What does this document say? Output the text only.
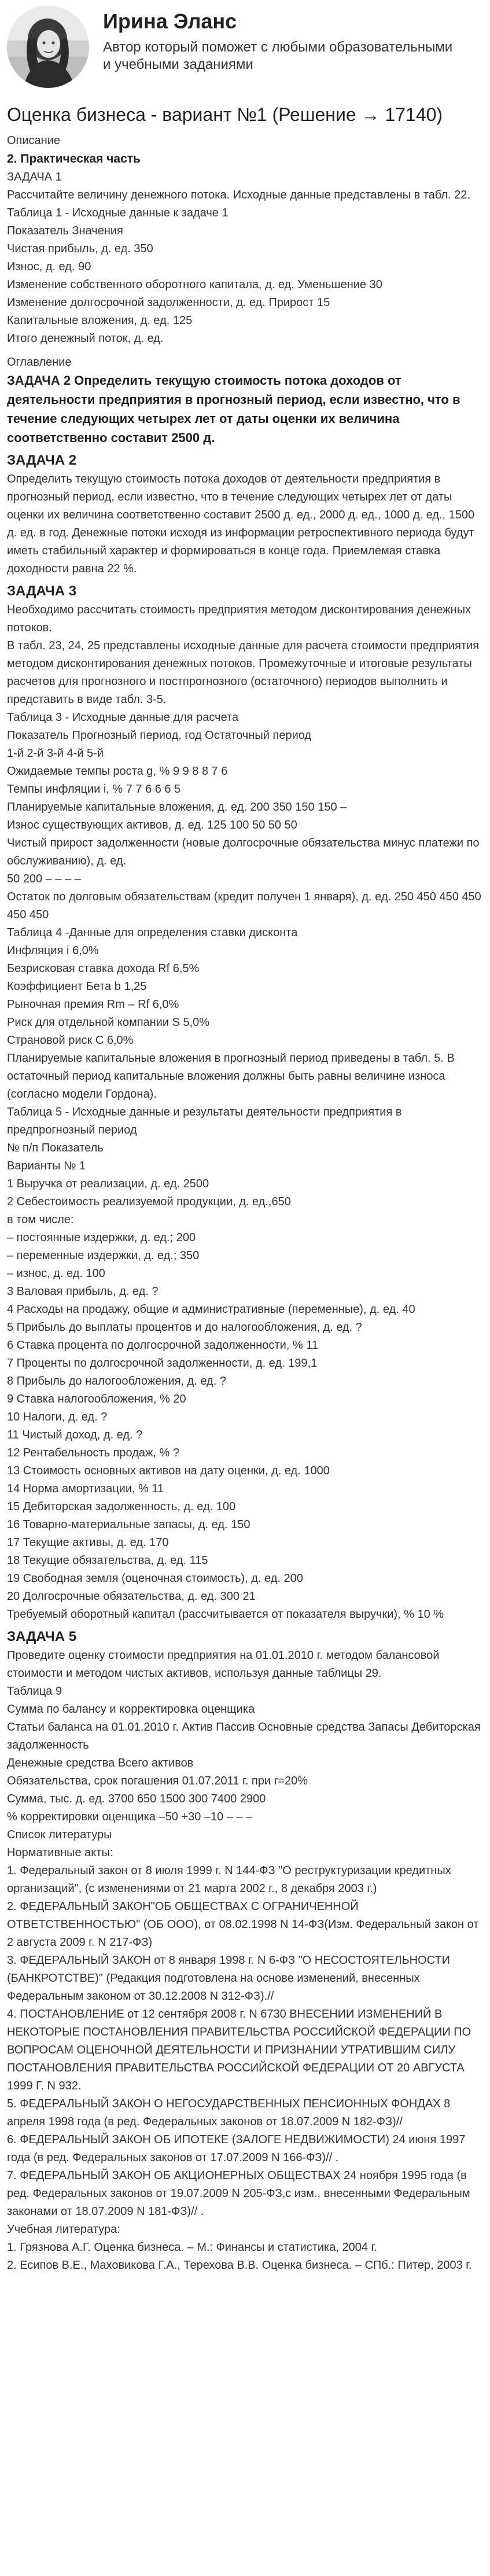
Ирина Эланс
Автор который поможет с любыми образовательными и учебными заданиями
Оценка бизнеса - вариант №1 (Решение → 17140)

Описание

2. Практическая часть

ЗАДАЧА 1

Рассчитайте величину денежного потока. Исходные данные представлены в табл. 22.

Таблица 1 - Исходные данные к задаче 1

Показатель Значения

Чистая прибыль, д. ед. 350

Износ, д. ед. 90

Изменение собственного оборотного капитала, д. ед. Уменьшение 30

Изменение долгосрочной задолженности, д. ед. Прирост 15

Капитальные вложения, д. ед. 125

Итого денежный поток, д. ед.

Оглавление

ЗАДАЧА 2 Определить текущую стоимость потока доходов от деятельности предприятия в прогнозный период, если известно, что в течение следующих четырех лет от даты оценки их величина соответственно составит 2500 д.

ЗАДАЧА 2

Определить текущую стоимость потока доходов от деятельности предприятия в прогнозный период, если известно, что в течение следующих четырех лет от даты оценки их величина соответственно составит 2500 д. ед., 2000 д. ед., 1000 д. ед., 1500 д. ед. в год. Денежные потоки исходя из информации ретроспективного периода будут иметь стабильный характер и формироваться в конце года. Приемлемая ставка доходности равна 22 %.

ЗАДАЧА 3

Необходимо рассчитать стоимость предприятия методом дисконтирования денежных потоков.

В табл. 23, 24, 25 представлены исходные данные для расчета стоимости предприятия методом дисконтирования денежных потоков. Промежуточные и итоговые результаты расчетов для прогнозного и постпрогнозного (остаточного) периодов выполнить и представить в виде табл. 3-5.

Таблица 3 - Исходные данные для расчета

Показатель Прогнозный период, год Остаточный период

1-й 2-й 3-й 4-й 5-й

Ожидаемые темпы роста g, % 9 9 8 8 7 6

Темпы инфляции i, % 7 7 6 6 6 5

Планируемые капитальные вложения, д. ед. 200 350 150 150 –

Износ существующих активов, д. ед. 125 100 50 50 50

Чистый прирост задолженности (новые долгосрочные обязательства минус платежи по обслуживанию), д. ед.

50 200 – – – –

Остаток по долговым обязательствам (кредит получен 1 января), д. ед. 250 450 450 450 450 450

Таблица 4 -Данные для определения ставки дисконта

Инфляция i 6,0%

Безрисковая ставка дохода Rf 6,5%

Коэффициент Бета b 1,25

Рыночная премия Rm – Rf 6,0%

Риск для отдельной компании S 5,0%

Страновой риск C 6,0%

Планируемые капитальные вложения в прогнозный период приведены в табл. 5. В остаточный период капитальные вложения должны быть равны величине износа (согласно модели Гордона).

Таблица 5 - Исходные данные и результаты деятельности предприятия в предпрогнозный период

№ п/п Показатель

Варианты № 1

1 Выручка от реализации, д. ед. 2500

2 Себестоимость реализуемой продукции, д. ед.,650

в том числе:

– постоянные издержки, д. ед.; 200

– переменные издержки, д. ед.; 350

– износ, д. ед. 100

3 Валовая прибыль, д. ед. ?

4 Расходы на продажу, общие и административные (переменные), д. ед. 40

5 Прибыль до выплаты процентов и до налогообложения, д. ед. ?

6 Ставка процента по долгосрочной задолженности, % 11

7 Проценты по долгосрочной задолженности, д. ед. 199,1

8 Прибыль до налогообложения, д. ед. ?

9 Ставка налогообложения, % 20

10 Налоги, д. ед. ?

11 Чистый доход, д. ед. ?

12 Рентабельность продаж, % ?

13 Стоимость основных активов на дату оценки, д. ед. 1000

14 Норма амортизации, % 11

15 Дебиторская задолженность, д. ед. 100

16 Товарно-материальные запасы, д. ед. 150

17 Текущие активы, д. ед. 170

18 Текущие обязательства, д. ед. 115

19 Свободная земля (оценочная стоимость), д. ед. 200

20 Долгосрочные обязательства, д. ед. 300 21

Требуемый оборотный капитал (рассчитывается от показателя выручки), % 10 %

ЗАДАЧА 5

Проведите оценку стоимости предприятия на 01.01.2010 г. методом балансовой стоимости и методом чистых активов, используя данные таблицы 29.

Таблица 9

Сумма по балансу и корректировка оценщика

Статьи баланса на 01.01.2010 г. Актив Пассив Основные средства Запасы Дебиторская задолженность

Денежные средства Всего активов

Обязательства, срок погашения 01.07.2011 г. при r=20%

Сумма, тыс. д. ед. 3700 650 1500 300 7400 2900

% корректировки оценщика –50 +30 –10 – – –

Список литературы

Нормативные акты:

1. Федеральный закон от 8 июля 1999 г. N 144-ФЗ "О реструктуризации кредитных организаций", (с изменениями от 21 марта 2002 г., 8 декабря 2003 г.)

2. ФЕДЕРАЛЬНЫЙ ЗАКОН"ОБ ОБЩЕСТВАХ С ОГРАНИЧЕННОЙ ОТВЕТСТВЕННОСТЬЮ" (ОБ ООО), от 08.02.1998 N 14-ФЗ(Изм. Федеральный закон от 2 августа 2009 г. N 217-ФЗ)

3. ФЕДЕРАЛЬНЫЙ ЗАКОН от 8 января 1998 г. N 6-ФЗ "О НЕСОСТОЯТЕЛЬНОСТИ (БАНКРОТСТВЕ)" (Редакция подготовлена на основе изменений, внесенных Федеральным законом от 30.12.2008 N 312-ФЗ).//

4. ПОСТАНОВЛЕНИЕ от 12 сентября 2008 г. N 6730 ВНЕСЕНИИ ИЗМЕНЕНИЙ В НЕКОТОРЫЕ ПОСТАНОВЛЕНИЯ ПРАВИТЕЛЬСТВА РОССИЙСКОЙ ФЕДЕРАЦИИ ПО ВОПРОСАМ ОЦЕНОЧНОЙ ДЕЯТЕЛЬНОСТИ И ПРИЗНАНИИ УТРАТИВШИМ СИЛУ ПОСТАНОВЛЕНИЯ ПРАВИТЕЛЬСТВА РОССИЙСКОЙ ФЕДЕРАЦИИ ОТ 20 АВГУСТА 1999 Г. N 932.

5. ФЕДЕРАЛЬНЫЙ ЗАКОН О НЕГОСУДАРСТВЕННЫХ ПЕНСИОННЫХ ФОНДАХ 8 апреля 1998 года (в ред. Федеральных законов от 18.07.2009 N 182-ФЗ)//

6. ФЕДЕРАЛЬНЫЙ ЗАКОН ОБ ИПОТЕКЕ (ЗАЛОГЕ НЕДВИЖИМОСТИ) 24 июня 1997 года (в ред. Федеральных законов от 17.07.2009 N 166-ФЗ)// .

7. ФЕДЕРАЛЬНЫЙ ЗАКОН ОБ АКЦИОНЕРНЫХ ОБЩЕСТВАХ 24 ноября 1995 года (в ред. Федеральных законов от 19.07.2009 N 205-ФЗ,с изм., внесенными Федеральным законами от 18.07.2009 N 181-ФЗ)// .

Учебная литература:

1. Грязнова А.Г. Оценка бизнеса. – М.: Финансы и статистика, 2004 г.

2. Есипов В.Е., Маховикова Г.А., Терехова В.В. Оценка бизнеса. – СПб.: Питер, 2003 г.
